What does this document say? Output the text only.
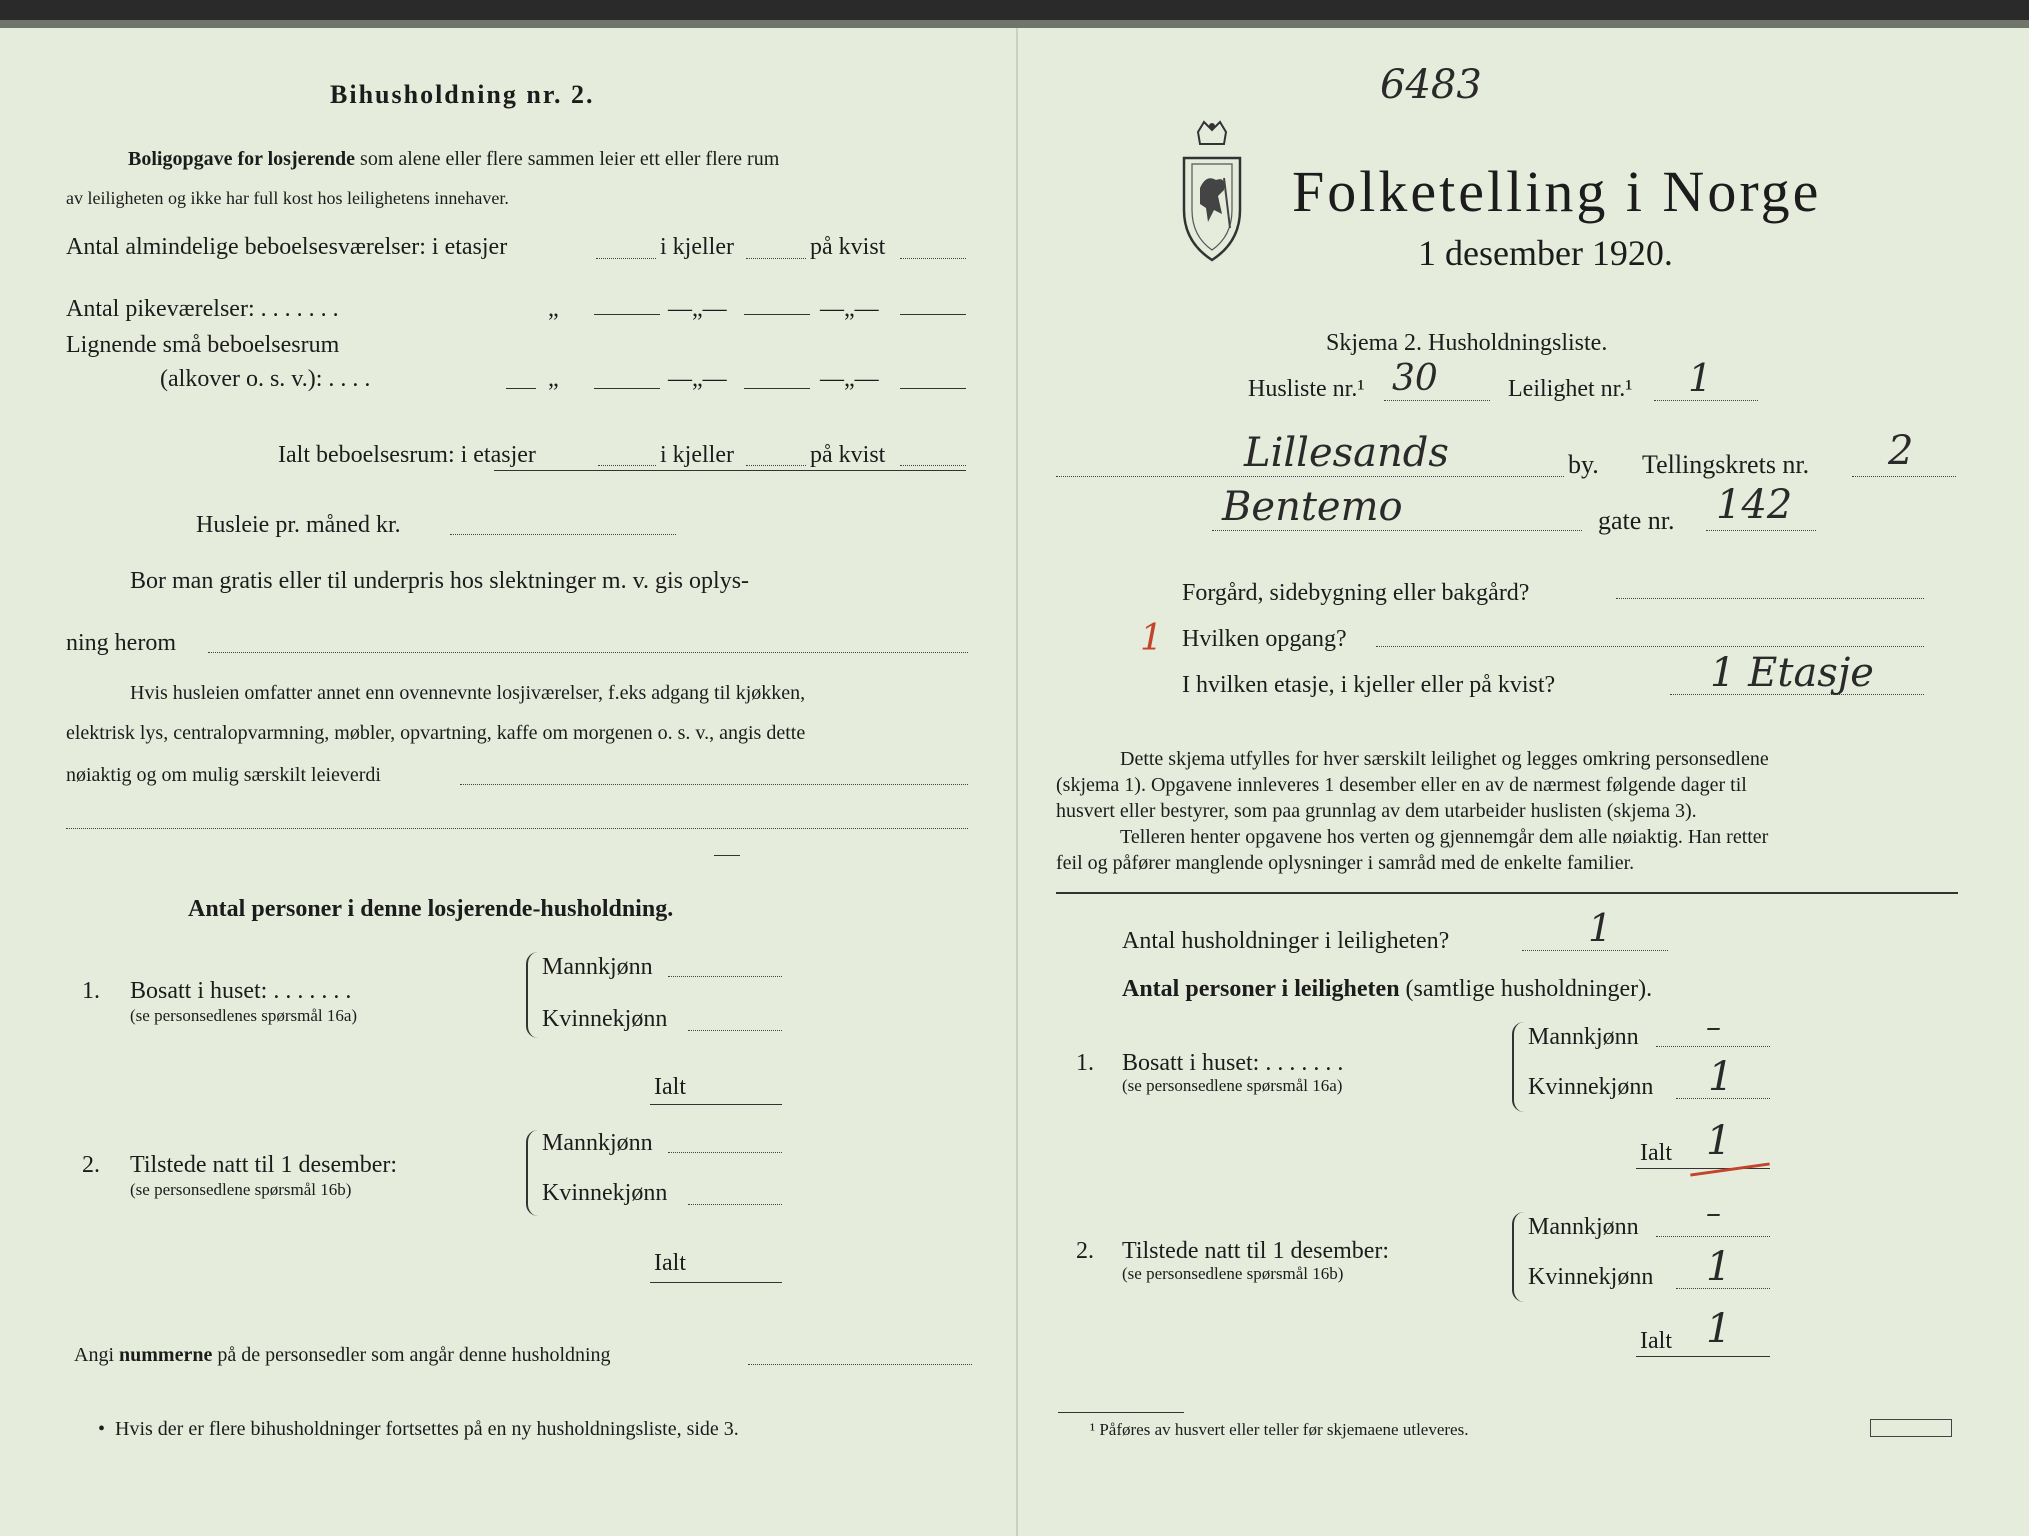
Bihusholdning nr. 2.
Boligopgave for losjerende som alene eller flere sammen leier ett eller flere rum
av leiligheten og ikke har full kost hos leilighetens innehaver.
Antal almindelige beboelsesværelser: i etasjer	i kjeller	på kvist
Antal pikeværelser: . . . . . . .	„	—„—	—„—
Lignende små beboelsesrum
(alkover o. s. v.): . . . .	„	—„—	—„—
Ialt beboelsesrum: i etasjer	i kjeller	på kvist
Husleie pr. måned kr.
Bor man gratis eller til underpris hos slektninger m. v. gis oplys-
ning herom
Hvis husleien omfatter annet enn ovennevnte losjiværelser, f.eks adgang til kjøkken,
elektrisk lys, centralopvarmning, møbler, opvartning, kaffe om morgenen o. s. v., angis dette
nøiaktig og om mulig særskilt leieverdi
Antal personer i denne losjerende-husholdning.
1. Bosatt i huset: . . . . . . .
(se personsedlenes spørsmål 16a)
Mannkjønn
Kvinnekjønn
Ialt
2. Tilstede natt til 1 desember:
(se personsedlene spørsmål 16b)
Mannkjønn
Kvinnekjønn
Ialt
Angi nummerne på de personsedler som angår denne husholdning
•  Hvis der er flere bihusholdninger fortsettes på en ny husholdningsliste, side 3.
6483
Folketelling i Norge
1 desember 1920.
Skjema 2. Husholdningsliste.
Husliste nr.¹ 30	Leilighet nr.¹ 1
Lillesands	by. Tellingskrets nr. 2
Bentemo	gate nr. 142
Forgård, sidebygning eller bakgård?
1 Hvilken opgang?
I hvilken etasje, i kjeller eller på kvist?	1 Etasje
Dette skjema utfylles for hver særskilt leilighet og legges omkring personsedlene
(skjema 1). Opgavene innleveres 1 desember eller en av de nærmest følgende dager til
husvert eller bestyrer, som paa grunnlag av dem utarbeider huslisten (skjema 3).
Telleren henter opgavene hos verten og gjennemgår dem alle nøiaktig. Han retter
feil og påfører manglende oplysninger i samråd med de enkelte familier.
Antal husholdninger i leiligheten?	1
Antal personer i leiligheten (samtlige husholdninger).
1. Bosatt i huset: . . . . . . .
(se personsedlene spørsmål 16a)
Mannkjønn –
Kvinnekjønn 1
Ialt 1
2. Tilstede natt til 1 desember:
(se personsedlene spørsmål 16b)
Mannkjønn –
Kvinnekjønn 1
Ialt 1
¹ Påføres av husvert eller teller før skjemaene utleveres.
